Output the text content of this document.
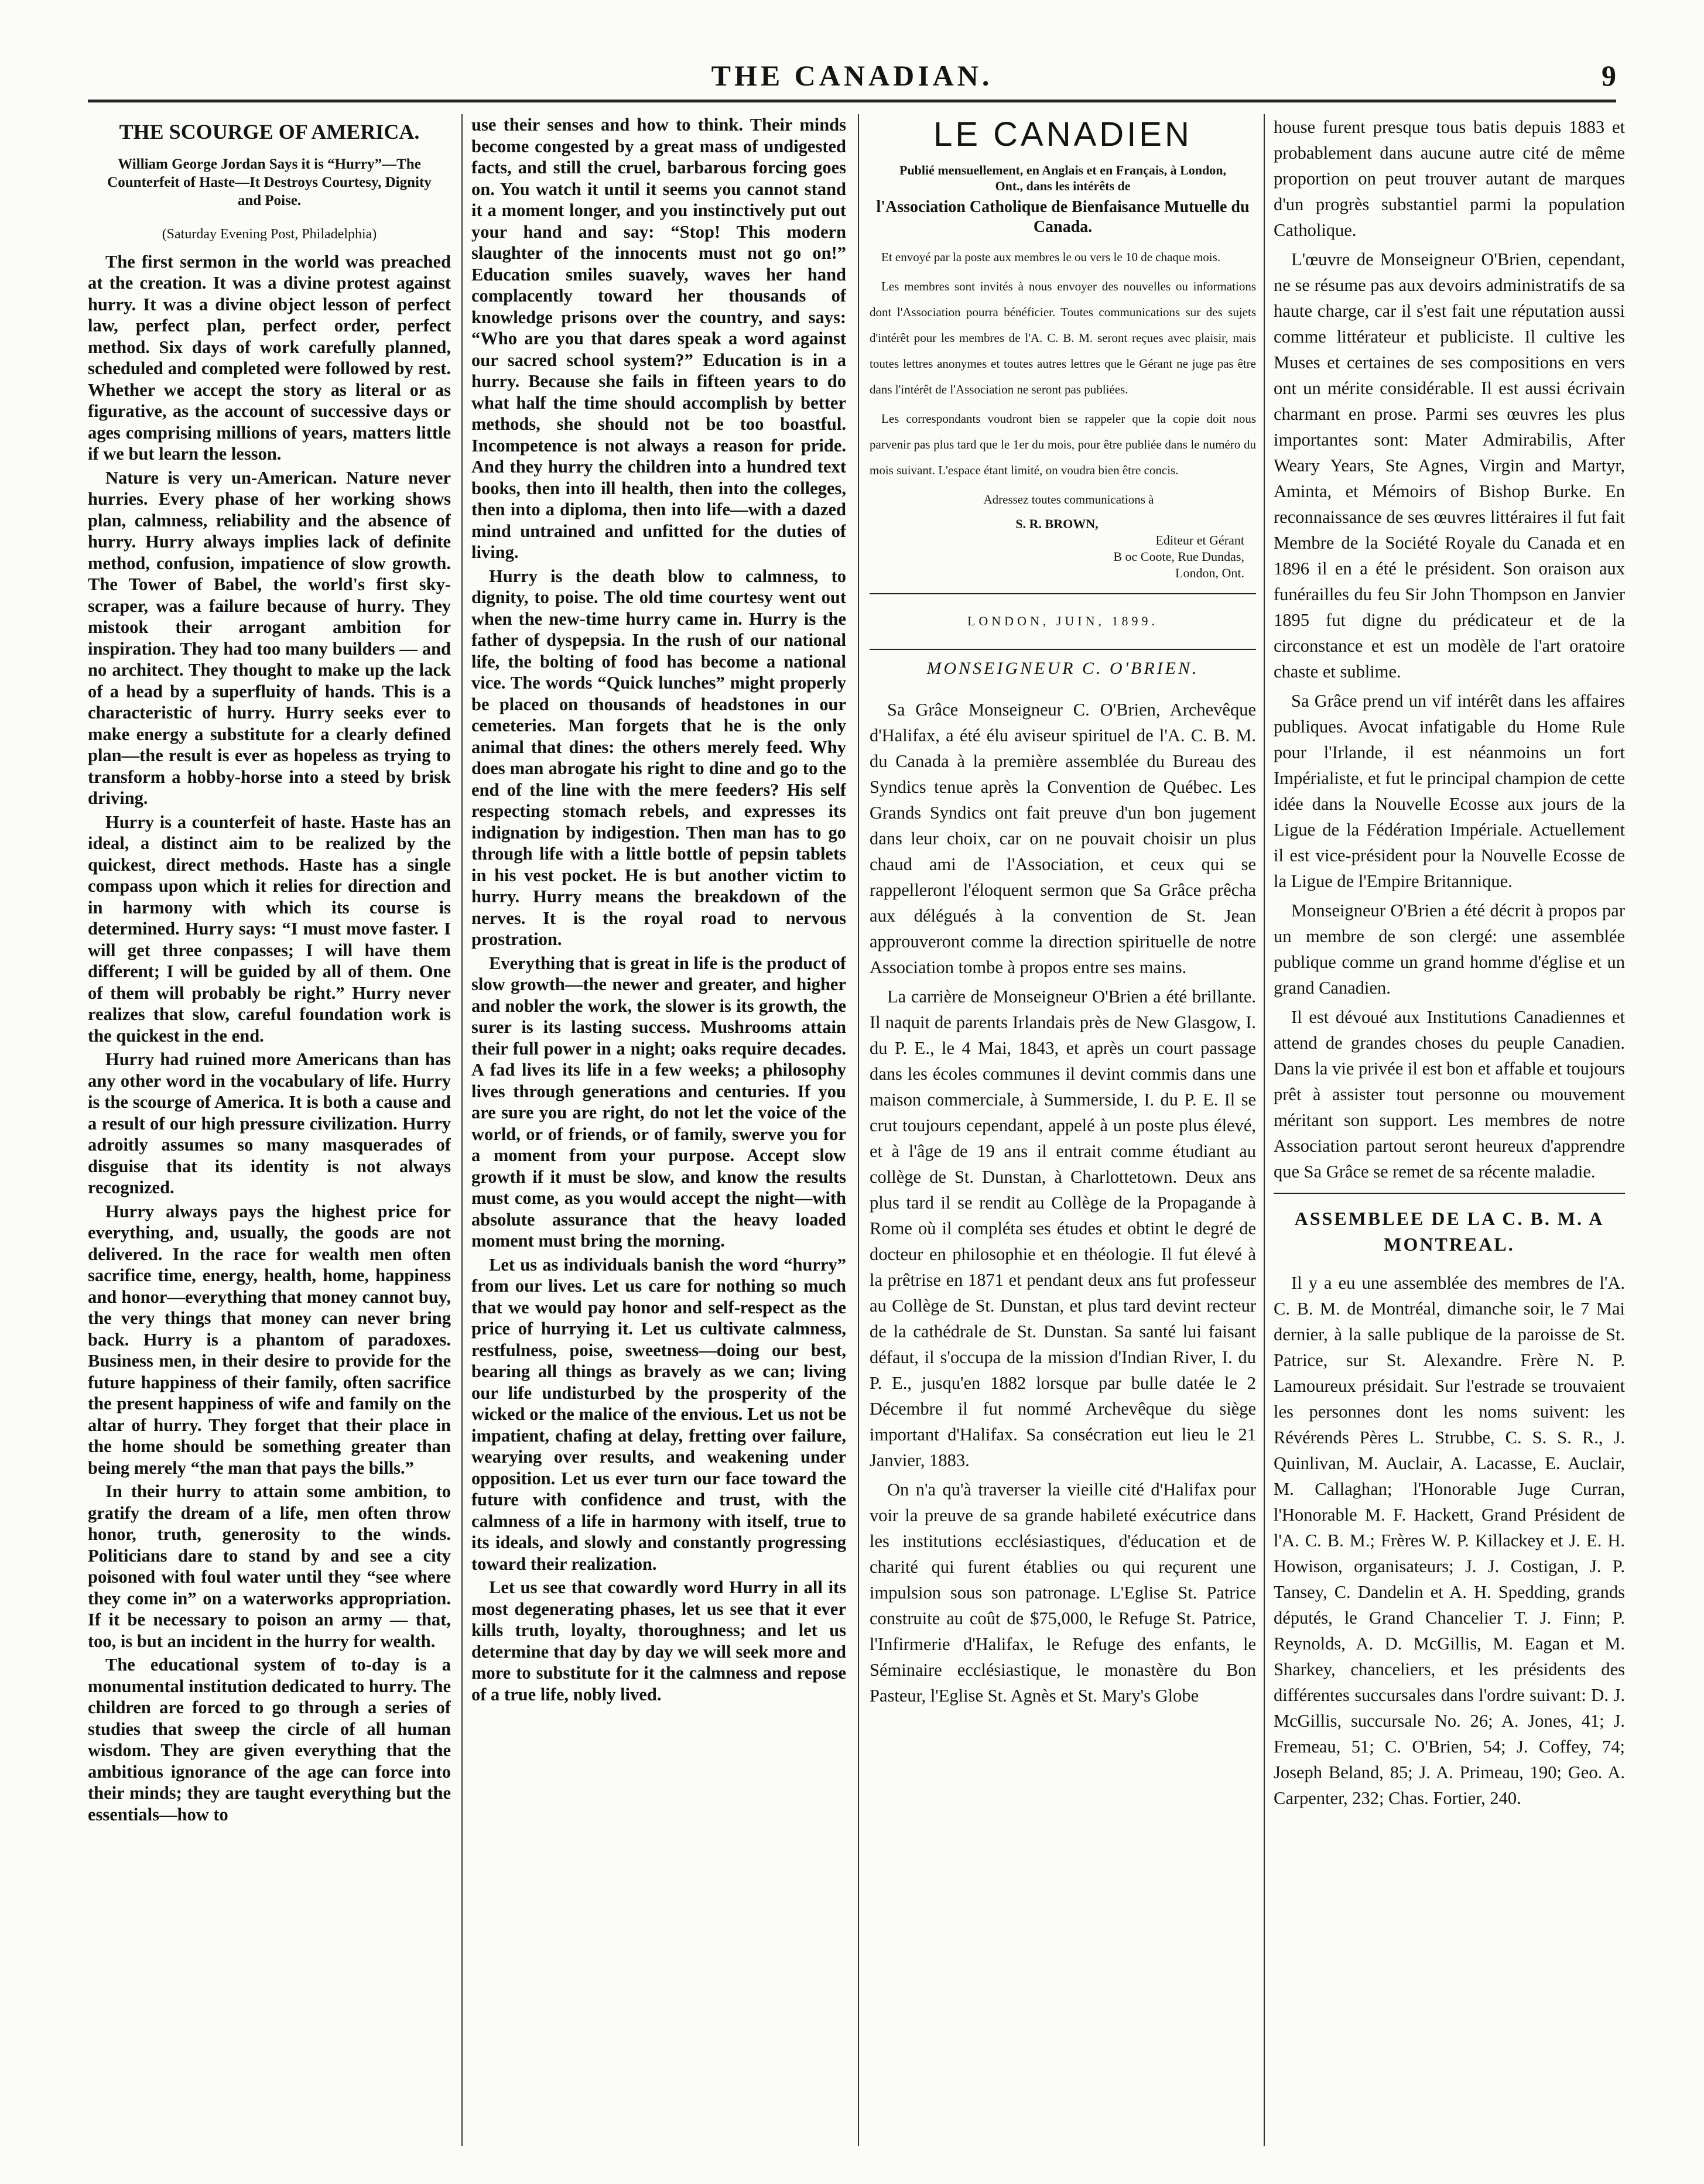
THE CANADIAN.	9
THE SCOURGE OF AMERICA.
William George Jordan Says it is “Hurry”—The Counterfeit of Haste—It Destroys Courtesy, Dignity and Poise.
(Saturday Evening Post, Philadelphia)

The first sermon in the world was preached at the creation. It was a divine protest against hurry. It was a divine object lesson of perfect law, perfect plan, perfect order, perfect method. Six days of work carefully planned, scheduled and completed were followed by rest. Whether we accept the story as literal or as figurative, as the account of successive days or ages comprising millions of years, matters little if we but learn the lesson.

Nature is very un-American. Nature never hurries. Every phase of her working shows plan, calmness, reliability and the absence of hurry. Hurry always implies lack of definite method, confusion, impatience of slow growth. The Tower of Babel, the world's first sky-scraper, was a failure because of hurry. They mistook their arrogant ambition for inspiration. They had too many builders — and no architect. They thought to make up the lack of a head by a superfluity of hands. This is a characteristic of hurry. Hurry seeks ever to make energy a substitute for a clearly defined plan—the result is ever as hopeless as trying to transform a hobby-horse into a steed by brisk driving.

Hurry is a counterfeit of haste. Haste has an ideal, a distinct aim to be realized by the quickest, direct methods. Haste has a single compass upon which it relies for direction and in harmony with which its course is determined. Hurry says: “I must move faster. I will get three conpasses; I will have them different; I will be guided by all of them. One of them will probably be right.” Hurry never realizes that slow, careful foundation work is the quickest in the end.

Hurry had ruined more Americans than has any other word in the vocabulary of life. Hurry is the scourge of America. It is both a cause and a result of our high pressure civilization. Hurry adroitly assumes so many masquerades of disguise that its identity is not always recognized.

Hurry always pays the highest price for everything, and, usually, the goods are not delivered. In the race for wealth men often sacrifice time, energy, health, home, happiness and honor—everything that money cannot buy, the very things that money can never bring back. Hurry is a phantom of paradoxes. Business men, in their desire to provide for the future happiness of their family, often sacrifice the present happiness of wife and family on the altar of hurry. They forget that their place in the home should be something greater than being merely “the man that pays the bills.”

In their hurry to attain some ambition, to gratify the dream of a life, men often throw honor, truth, generosity to the winds. Politicians dare to stand by and see a city poisoned with foul water until they “see where they come in” on a waterworks appropriation. If it be necessary to poison an army — that, too, is but an incident in the hurry for wealth.

The educational system of to-day is a monumental institution dedicated to hurry. The children are forced to go through a series of studies that sweep the circle of all human wisdom. They are given everything that the ambitious ignorance of the age can force into their minds; they are taught everything but the essentials—how to

use their senses and how to think. Their minds become congested by a great mass of undigested facts, and still the cruel, barbarous forcing goes on. You watch it until it seems you cannot stand it a moment longer, and you instinctively put out your hand and say: “Stop! This modern slaughter of the innocents must not go on!” Education smiles suavely, waves her hand complacently toward her thousands of knowledge prisons over the country, and says: “Who are you that dares speak a word against our sacred school system?” Education is in a hurry. Because she fails in fifteen years to do what half the time should accomplish by better methods, she should not be too boastful. Incompetence is not always a reason for pride. And they hurry the children into a hundred text books, then into ill health, then into the colleges, then into a diploma, then into life—with a dazed mind untrained and unfitted for the duties of living.

Hurry is the death blow to calmness, to dignity, to poise. The old time courtesy went out when the new-time hurry came in. Hurry is the father of dyspepsia. In the rush of our national life, the bolting of food has become a national vice. The words “Quick lunches” might properly be placed on thousands of headstones in our cemeteries. Man forgets that he is the only animal that dines: the others merely feed. Why does man abrogate his right to dine and go to the end of the line with the mere feeders? His self respecting stomach rebels, and expresses its indignation by indigestion. Then man has to go through life with a little bottle of pepsin tablets in his vest pocket. He is but another victim to hurry. Hurry means the breakdown of the nerves. It is the royal road to nervous prostration.

Everything that is great in life is the product of slow growth—the newer and greater, and higher and nobler the work, the slower is its growth, the surer is its lasting success. Mushrooms attain their full power in a night; oaks require decades. A fad lives its life in a few weeks; a philosophy lives through generations and centuries. If you are sure you are right, do not let the voice of the world, or of friends, or of family, swerve you for a moment from your purpose. Accept slow growth if it must be slow, and know the results must come, as you would accept the night—with absolute assurance that the heavy loaded moment must bring the morning.

Let us as individuals banish the word “hurry” from our lives. Let us care for nothing so much that we would pay honor and self-respect as the price of hurrying it. Let us cultivate calmness, restfulness, poise, sweetness—doing our best, bearing all things as bravely as we can; living our life undisturbed by the prosperity of the wicked or the malice of the envious. Let us not be impatient, chafing at delay, fretting over failure, wearying over results, and weakening under opposition. Let us ever turn our face toward the future with confidence and trust, with the calmness of a life in harmony with itself, true to its ideals, and slowly and constantly progressing toward their realization.

Let us see that cowardly word Hurry in all its most degenerating phases, let us see that it ever kills truth, loyalty, thoroughness; and let us determine that day by day we will seek more and more to substitute for it the calmness and repose of a true life, nobly lived.

LE CANADIEN
Publié mensuellement, en Anglais et en Français, à London, Ont., dans les intérêts de
l'Association Catholique de Bienfaisance Mutuelle du Canada.

Et envoyé par la poste aux membres le ou vers le 10 de chaque mois.

Les membres sont invités à nous envoyer des nouvelles ou informations dont l'Association pourra bénéficier. Toutes communications sur des sujets d'intérêt pour les membres de l'A. C. B. M. seront reçues avec plaisir, mais toutes lettres anonymes et toutes autres lettres que le Gérant ne juge pas être dans l'intérêt de l'Association ne seront pas publiées.

Les correspondants voudront bien se rappeler que la copie doit nous parvenir pas plus tard que le 1er du mois, pour être publiée dans le numéro du mois suivant. L'espace étant limité, on voudra bien être concis.

Adressez toutes communications à

S. R. BROWN,
Editeur et Gérant
B oc Coote, Rue Dundas,
London, Ont.
LONDON, JUIN, 1899.
MONSEIGNEUR C. O'BRIEN.

Sa Grâce Monseigneur C. O'Brien, Archevêque d'Halifax, a été élu aviseur spirituel de l'A. C. B. M. du Canada à la première assemblée du Bureau des Syndics tenue après la Convention de Québec. Les Grands Syndics ont fait preuve d'un bon jugement dans leur choix, car on ne pouvait choisir un plus chaud ami de l'Association, et ceux qui se rappelleront l'éloquent sermon que Sa Grâce prêcha aux délégués à la convention de St. Jean approuveront comme la direction spirituelle de notre Association tombe à propos entre ses mains.

La carrière de Monseigneur O'Brien a été brillante. Il naquit de parents Irlandais près de New Glasgow, I. du P. E., le 4 Mai, 1843, et après un court passage dans les écoles communes il devint commis dans une maison commerciale, à Summerside, I. du P. E. Il se crut toujours cependant, appelé à un poste plus élevé, et à l'âge de 19 ans il entrait comme étudiant au collège de St. Dunstan, à Charlottetown. Deux ans plus tard il se rendit au Collège de la Propagande à Rome où il compléta ses études et obtint le degré de docteur en philosophie et en théologie. Il fut élevé à la prêtrise en 1871 et pendant deux ans fut professeur au Collège de St. Dunstan, et plus tard devint recteur de la cathédrale de St. Dunstan. Sa santé lui faisant défaut, il s'occupa de la mission d'Indian River, I. du P. E., jusqu'en 1882 lorsque par bulle datée le 2 Décembre il fut nommé Archevêque du siège important d'Halifax. Sa consécration eut lieu le 21 Janvier, 1883.

On n'a qu'à traverser la vieille cité d'Halifax pour voir la preuve de sa grande habileté exécutrice dans les institutions ecclésiastiques, d'éducation et de charité qui furent établies ou qui reçurent une impulsion sous son patronage. L'Eglise St. Patrice construite au coût de $75,000, le Refuge St. Patrice, l'Infirmerie d'Halifax, le Refuge des enfants, le Séminaire ecclésiastique, le monastère du Bon Pasteur, l'Eglise St. Agnès et St. Mary's Globe

house furent presque tous batis depuis 1883 et probablement dans aucune autre cité de même proportion on peut trouver autant de marques d'un progrès substantiel parmi la population Catholique.

L'œuvre de Monseigneur O'Brien, cependant, ne se résume pas aux devoirs administratifs de sa haute charge, car il s'est fait une réputation aussi comme littérateur et publiciste. Il cultive les Muses et certaines de ses compositions en vers ont un mérite considérable. Il est aussi écrivain charmant en prose. Parmi ses œuvres les plus importantes sont: Mater Admirabilis, After Weary Years, Ste Agnes, Virgin and Martyr, Aminta, et Mémoirs of Bishop Burke. En reconnaissance de ses œuvres littéraires il fut fait Membre de la Société Royale du Canada et en 1896 il en a été le président. Son oraison aux funérailles du feu Sir John Thompson en Janvier 1895 fut digne du prédicateur et de la circonstance et est un modèle de l'art oratoire chaste et sublime.

Sa Grâce prend un vif intérêt dans les affaires publiques. Avocat infatigable du Home Rule pour l'Irlande, il est néanmoins un fort Impérialiste, et fut le principal champion de cette idée dans la Nouvelle Ecosse aux jours de la Ligue de la Fédération Impériale. Actuellement il est vice-président pour la Nouvelle Ecosse de la Ligue de l'Empire Britannique.

Monseigneur O'Brien a été décrit à propos par un membre de son clergé: une assemblée publique comme un grand homme d'église et un grand Canadien.

Il est dévoué aux Institutions Canadiennes et attend de grandes choses du peuple Canadien. Dans la vie privée il est bon et affable et toujours prêt à assister tout personne ou mouvement méritant son support. Les membres de notre Association partout seront heureux d'apprendre que Sa Grâce se remet de sa récente maladie.

ASSEMBLEE DE LA C. B. M. A MONTREAL.

Il y a eu une assemblée des membres de l'A. C. B. M. de Montréal, dimanche soir, le 7 Mai dernier, à la salle publique de la paroisse de St. Patrice, sur St. Alexandre. Frère N. P. Lamoureux présidait. Sur l'estrade se trouvaient les personnes dont les noms suivent: les Révérends Pères L. Strubbe, C. S. S. R., J. Quinlivan, M. Auclair, A. Lacasse, E. Auclair, M. Callaghan; l'Honorable Juge Curran, l'Honorable M. F. Hackett, Grand Président de l'A. C. B. M.; Frères W. P. Killackey et J. E. H. Howison, organisateurs; J. J. Costigan, J. P. Tansey, C. Dandelin et A. H. Spedding, grands députés, le Grand Chancelier T. J. Finn; P. Reynolds, A. D. McGillis, M. Eagan et M. Sharkey, chanceliers, et les présidents des différentes succursales dans l'ordre suivant: D. J. McGillis, succursale No. 26; A. Jones, 41; J. Fremeau, 51; C. O'Brien, 54; J. Coffey, 74; Joseph Beland, 85; J. A. Primeau, 190; Geo. A. Carpenter, 232; Chas. Fortier, 240.
